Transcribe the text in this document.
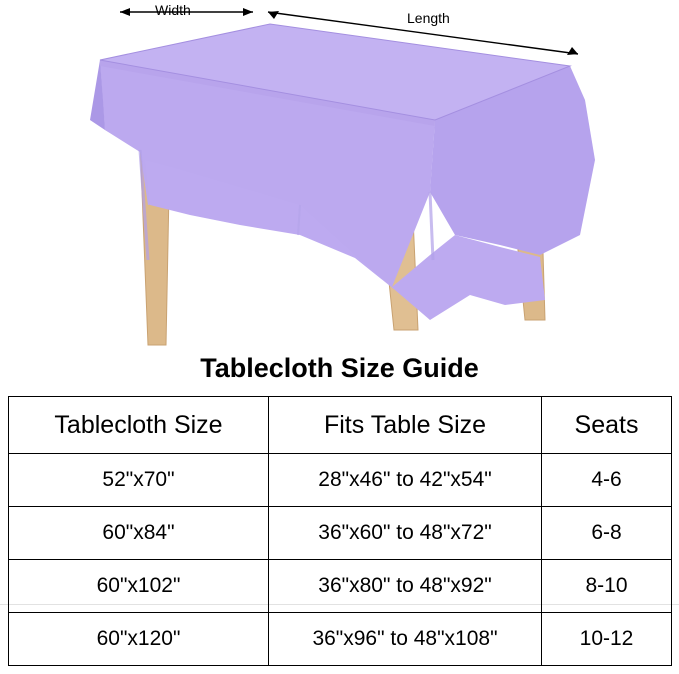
Width	Length
Tablecloth Size Guide
Tablecloth Size	Fits Table Size	Seats
52"x70"	28"x46" to 42"x54"	4-6
60"x84"	36"x60" to 48"x72"	6-8
60"x102"	36"x80" to 48"x92"	8-10
60"x120"	36"x96" to 48"x108"	10-12
